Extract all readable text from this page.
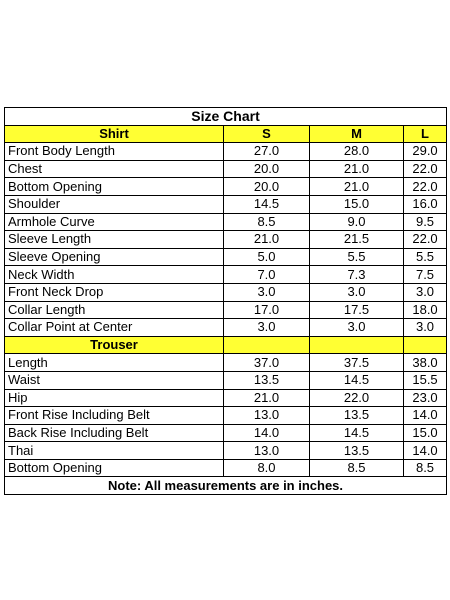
Size Chart			
Shirt	S	M	L
Front Body Length	27.0	28.0	29.0
Chest	20.0	21.0	22.0
Bottom Opening	20.0	21.0	22.0
Shoulder	14.5	15.0	16.0
Armhole Curve	8.5	9.0	9.5
Sleeve Length	21.0	21.5	22.0
Sleeve Opening	5.0	5.5	5.5
Neck Width	7.0	7.3	7.5
Front Neck Drop	3.0	3.0	3.0
Collar Length	17.0	17.5	18.0
Collar Point at Center	3.0	3.0	3.0
Trouser			
Length	37.0	37.5	38.0
Waist	13.5	14.5	15.5
Hip	21.0	22.0	23.0
Front Rise Including Belt	13.0	13.5	14.0
Back Rise Including Belt	14.0	14.5	15.0
Thai	13.0	13.5	14.0
Bottom Opening	8.0	8.5	8.5
Note: All measurements are in inches.			
